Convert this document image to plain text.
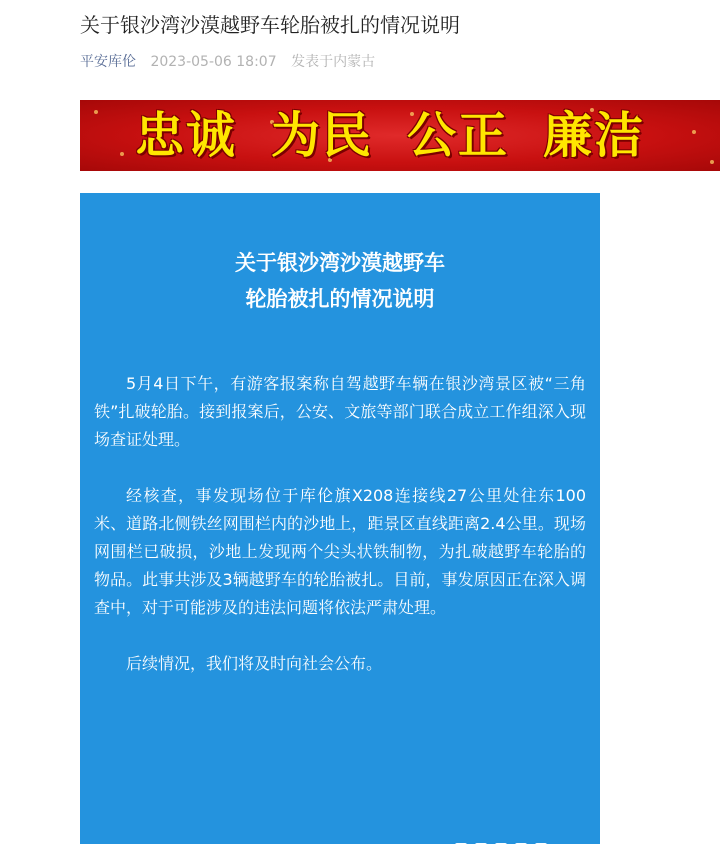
关于银沙湾沙漠越野车轮胎被扎的情况说明
平安库伦 2023-05-06 18:07 发表于内蒙古
忠诚 为民 公正 廉洁
关于银沙湾沙漠越野车
轮胎被扎的情况说明

5月4日下午，有游客报案称自驾越野车辆在银沙湾景区被“三角铁”扎破轮胎。接到报案后，公安、文旅等部门联合成立工作组深入现场查证处理。

经核查，事发现场位于库伦旗X208连接线27公里处往东100米、道路北侧铁丝网围栏内的沙地上，距景区直线距离2.4公里。现场网围栏已破损，沙地上发现两个尖头状铁制物，为扎破越野车轮胎的物品。此事共涉及3辆越野车的轮胎被扎。目前，事发原因正在深入调查中，对于可能涉及的违法问题将依法严肃处理。

后续情况，我们将及时向社会公布。
